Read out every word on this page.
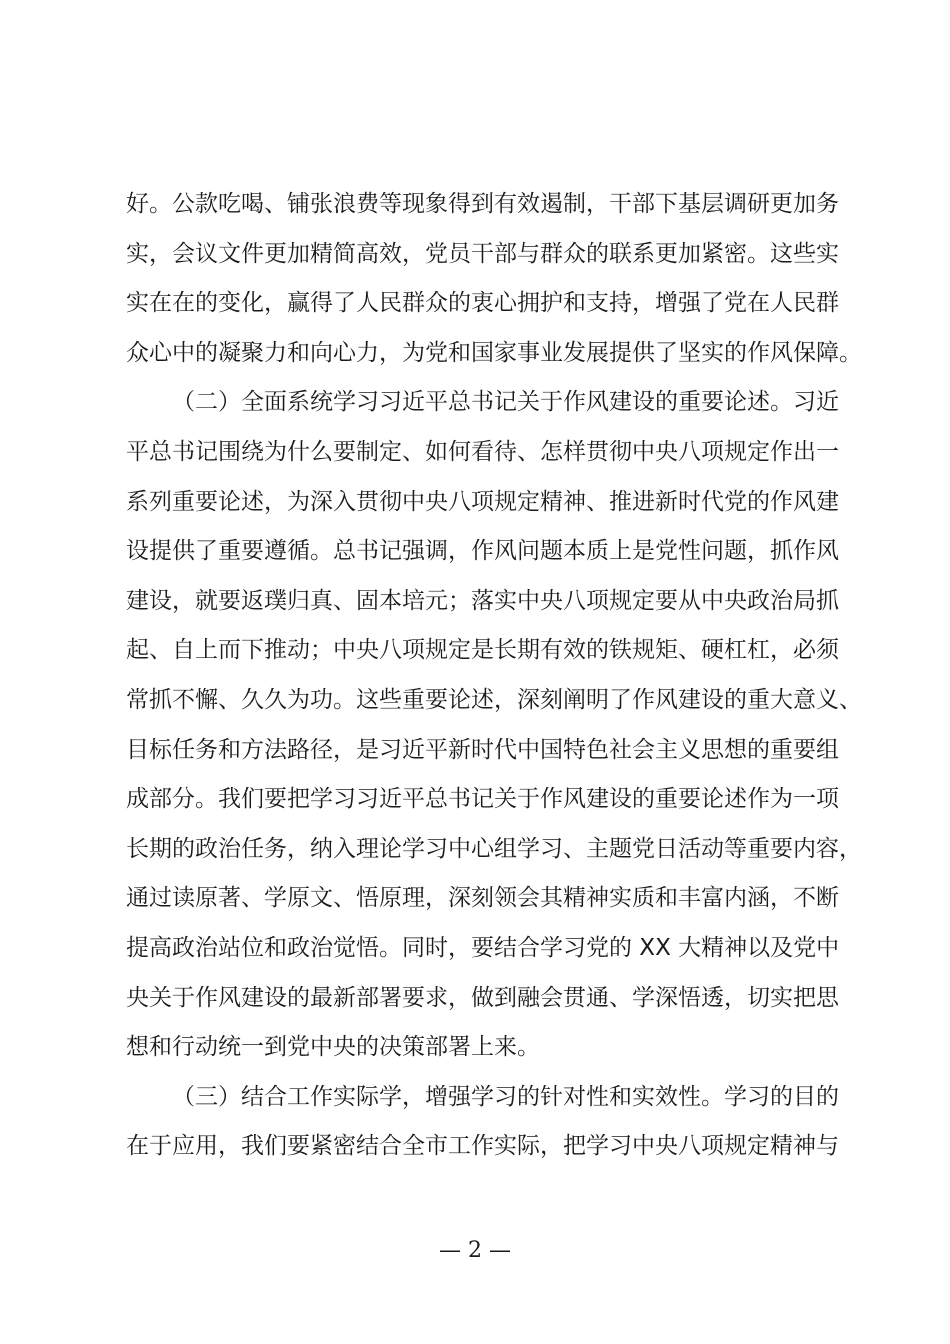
好。公款吃喝、铺张浪费等现象得到有效遏制，干部下基层调研更加务
实，会议文件更加精简高效，党员干部与群众的联系更加紧密。这些实
实在在的变化，赢得了人民群众的衷心拥护和支持，增强了党在人民群
众心中的凝聚力和向心力，为党和国家事业发展提供了坚实的作风保障。
（二）全面系统学习习近平总书记关于作风建设的重要论述。习近
平总书记围绕为什么要制定、如何看待、怎样贯彻中央八项规定作出一
系列重要论述，为深入贯彻中央八项规定精神、推进新时代党的作风建
设提供了重要遵循。总书记强调，作风问题本质上是党性问题，抓作风
建设，就要返璞归真、固本培元；落实中央八项规定要从中央政治局抓
起、自上而下推动；中央八项规定是长期有效的铁规矩、硬杠杠，必须
常抓不懈、久久为功。这些重要论述，深刻阐明了作风建设的重大意义、
目标任务和方法路径，是习近平新时代中国特色社会主义思想的重要组
成部分。我们要把学习习近平总书记关于作风建设的重要论述作为一项
长期的政治任务，纳入理论学习中心组学习、主题党日活动等重要内容，
通过读原著、学原文、悟原理，深刻领会其精神实质和丰富内涵，不断
提高政治站位和政治觉悟。同时，要结合学习党的 XX 大精神以及党中
央关于作风建设的最新部署要求，做到融会贯通、学深悟透，切实把思
想和行动统一到党中央的决策部署上来。
（三）结合工作实际学，增强学习的针对性和实效性。学习的目的
在于应用，我们要紧密结合全市工作实际，把学习中央八项规定精神与
— 2 —
